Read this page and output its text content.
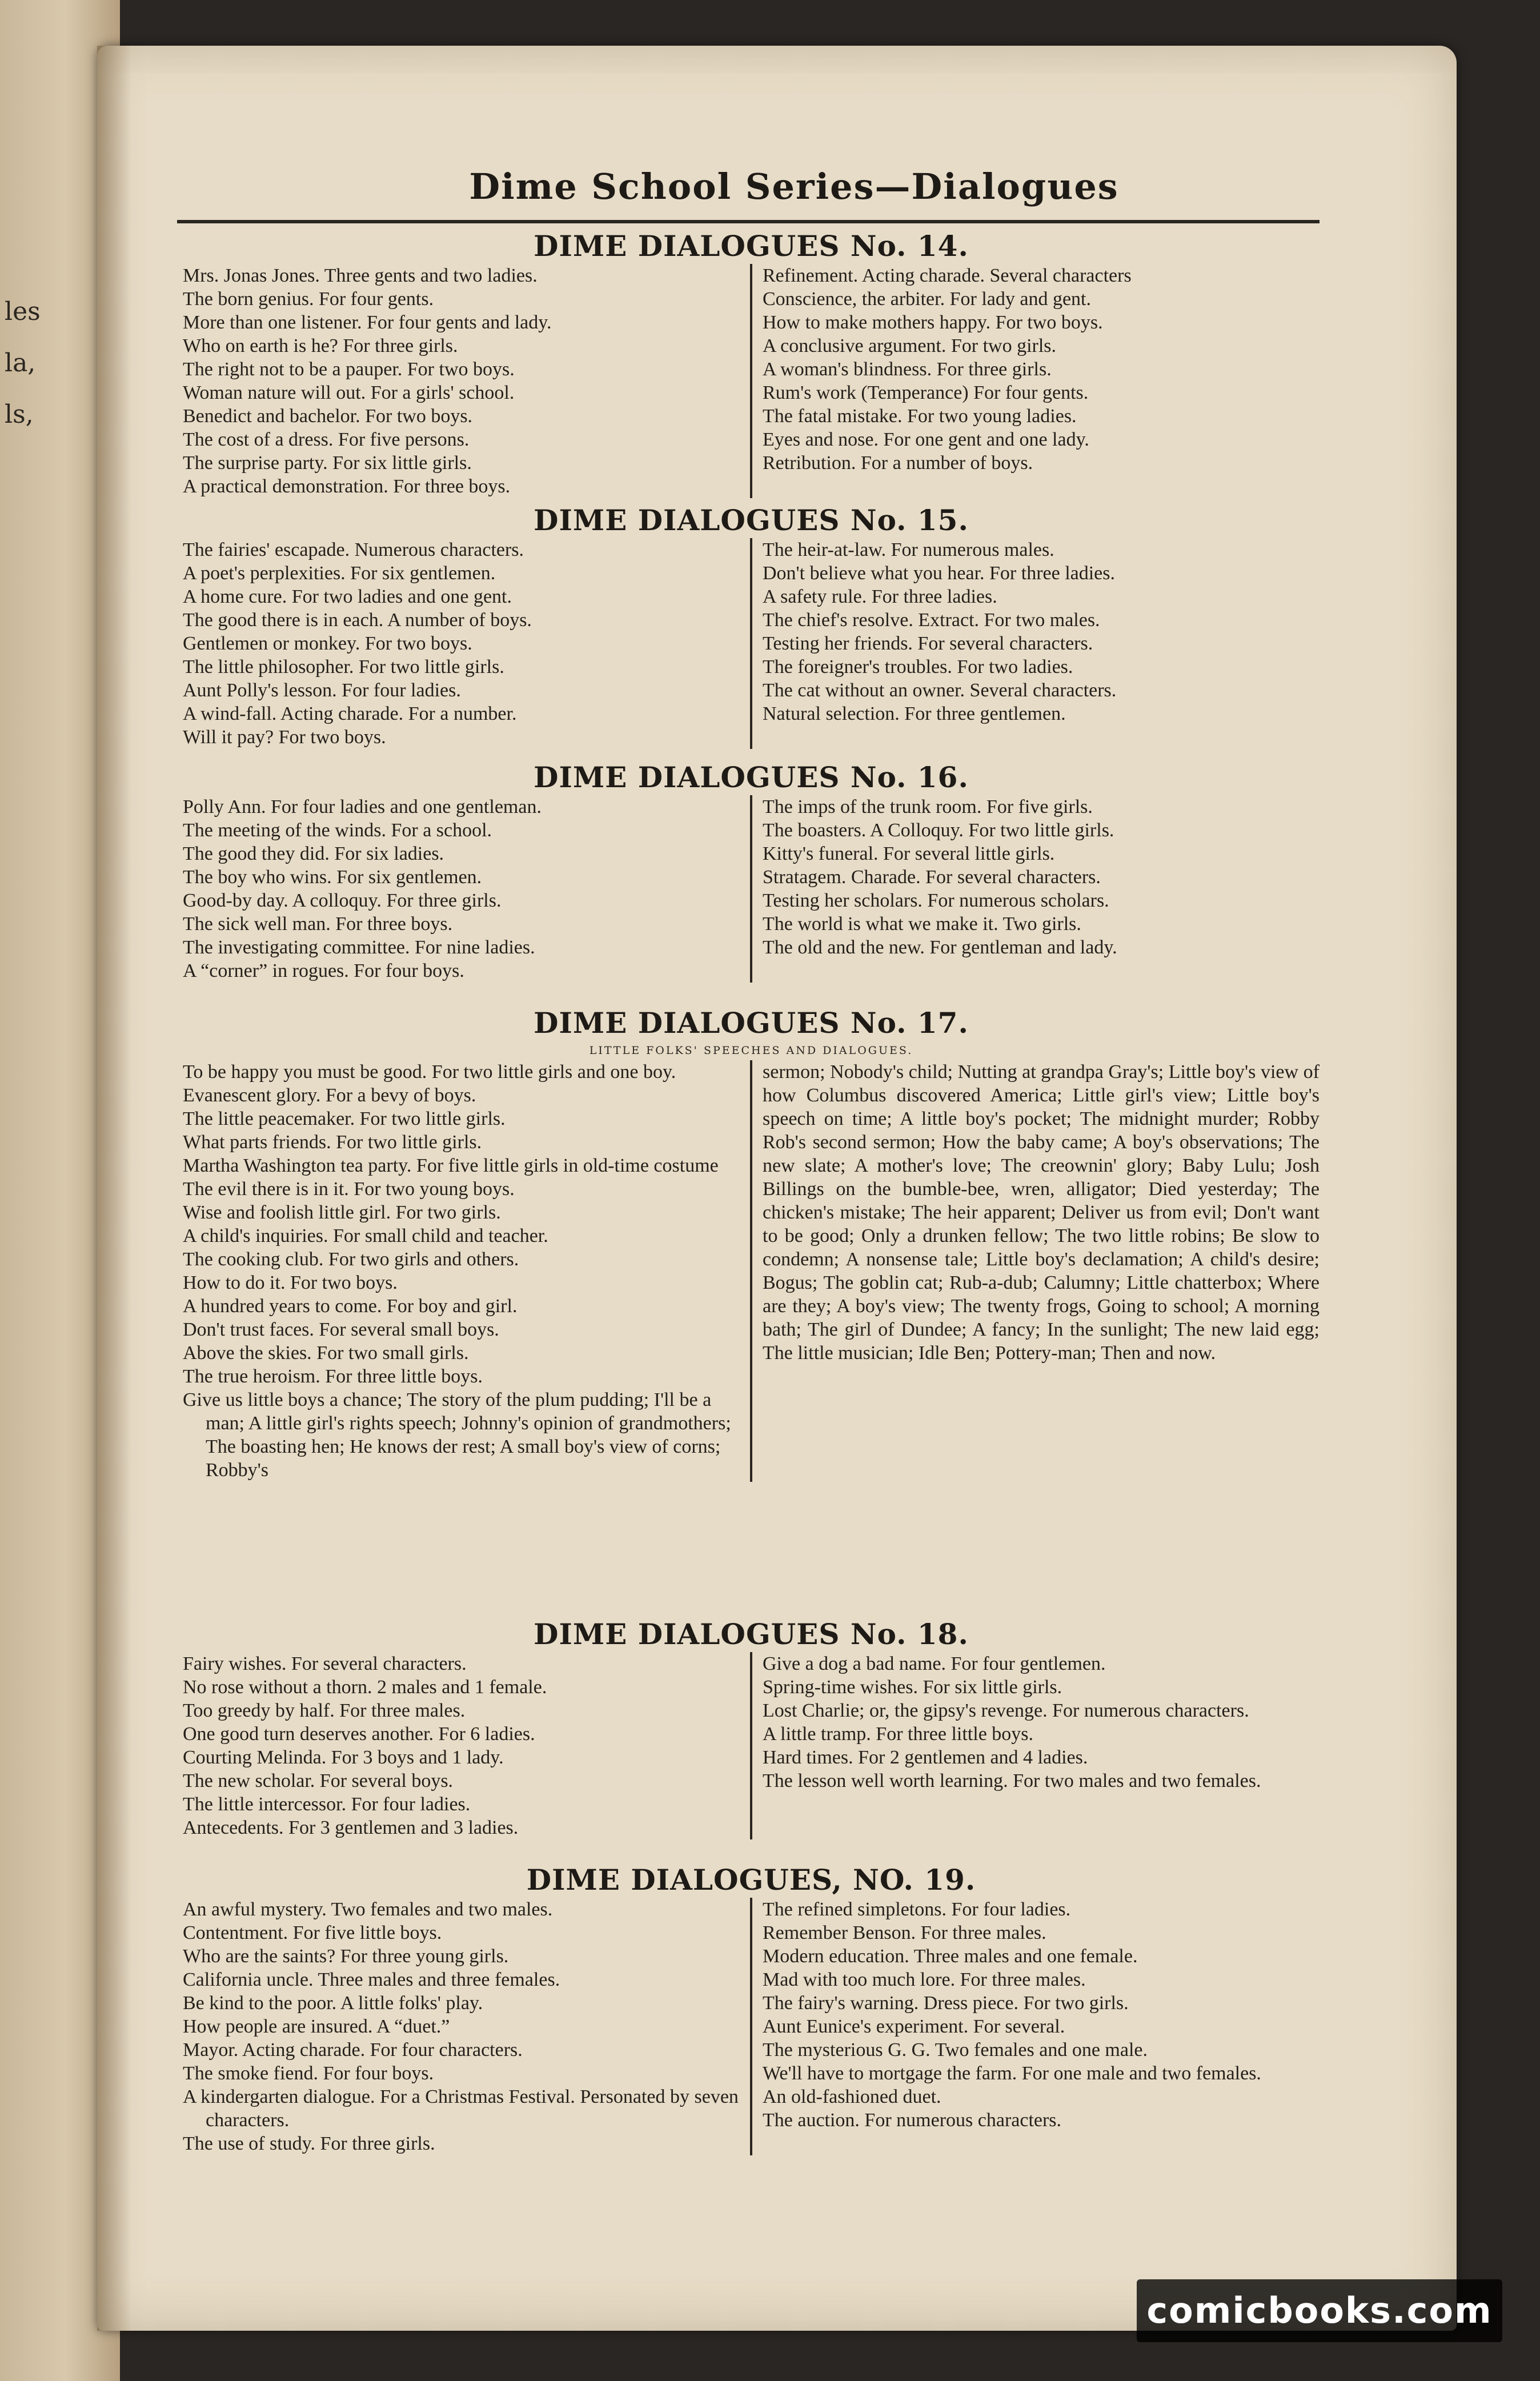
les
la,
ls,
Dime School Series—Dialogues
DIME DIALOGUES No. 14.
Mrs. Jonas Jones. Three gents and two ladies.
The born genius. For four gents.
More than one listener. For four gents and lady.
Who on earth is he? For three girls.
The right not to be a pauper. For two boys.
Woman nature will out. For a girls' school.
Benedict and bachelor. For two boys.
The cost of a dress. For five persons.
The surprise party. For six little girls.
A practical demonstration. For three boys.
Refinement. Acting charade. Several characters
Conscience, the arbiter. For lady and gent.
How to make mothers happy. For two boys.
A conclusive argument. For two girls.
A woman's blindness. For three girls.
Rum's work (Temperance) For four gents.
The fatal mistake. For two young ladies.
Eyes and nose. For one gent and one lady.
Retribution. For a number of boys.
DIME DIALOGUES No. 15.
The fairies' escapade. Numerous characters.
A poet's perplexities. For six gentlemen.
A home cure. For two ladies and one gent.
The good there is in each. A number of boys.
Gentlemen or monkey. For two boys.
The little philosopher. For two little girls.
Aunt Polly's lesson. For four ladies.
A wind-fall. Acting charade. For a number.
Will it pay? For two boys.
The heir-at-law. For numerous males.
Don't believe what you hear. For three ladies.
A safety rule. For three ladies.
The chief's resolve. Extract. For two males.
Testing her friends. For several characters.
The foreigner's troubles. For two ladies.
The cat without an owner. Several characters.
Natural selection. For three gentlemen.
DIME DIALOGUES No. 16.
Polly Ann. For four ladies and one gentleman.
The meeting of the winds. For a school.
The good they did. For six ladies.
The boy who wins. For six gentlemen.
Good-by day. A colloquy. For three girls.
The sick well man. For three boys.
The investigating committee. For nine ladies.
A “corner” in rogues. For four boys.
The imps of the trunk room. For five girls.
The boasters. A Colloquy. For two little girls.
Kitty's funeral. For several little girls.
Stratagem. Charade. For several characters.
Testing her scholars. For numerous scholars.
The world is what we make it. Two girls.
The old and the new. For gentleman and lady.
DIME DIALOGUES No. 17.
LITTLE FOLKS' SPEECHES AND DIALOGUES.
To be happy you must be good. For two little girls and one boy.
Evanescent glory. For a bevy of boys.
The little peacemaker. For two little girls.
What parts friends. For two little girls.
Martha Washington tea party. For five little girls in old-time costume
The evil there is in it. For two young boys.
Wise and foolish little girl. For two girls.
A child's inquiries. For small child and teacher.
The cooking club. For two girls and others.
How to do it. For two boys.
A hundred years to come. For boy and girl.
Don't trust faces. For several small boys.
Above the skies. For two small girls.
The true heroism. For three little boys.
Give us little boys a chance; The story of the plum pudding; I'll be a man; A little girl's rights speech; Johnny's opinion of grandmothers; The boasting hen; He knows der rest; A small boy's view of corns; Robby's

sermon; Nobody's child; Nutting at grandpa Gray's; Little boy's view of how Columbus discovered America; Little girl's view; Little boy's speech on time; A little boy's pocket; The midnight murder; Robby Rob's second sermon; How the baby came; A boy's observations; The new slate; A mother's love; The creownin' glory; Baby Lulu; Josh Billings on the bumble-bee, wren, alligator; Died yesterday; The chicken's mistake; The heir apparent; Deliver us from evil; Don't want to be good; Only a drunken fellow; The two little robins; Be slow to condemn; A nonsense tale; Little boy's declamation; A child's desire; Bogus; The goblin cat; Rub-a-dub; Calumny; Little chatterbox; Where are they; A boy's view; The twenty frogs, Going to school; A morning bath; The girl of Dundee; A fancy; In the sunlight; The new laid egg; The little musician; Idle Ben; Pottery-man; Then and now.

DIME DIALOGUES No. 18.
Fairy wishes. For several characters.
No rose without a thorn. 2 males and 1 female.
Too greedy by half. For three males.
One good turn deserves another. For 6 ladies.
Courting Melinda. For 3 boys and 1 lady.
The new scholar. For several boys.
The little intercessor. For four ladies.
Antecedents. For 3 gentlemen and 3 ladies.
Give a dog a bad name. For four gentlemen.
Spring-time wishes. For six little girls.
Lost Charlie; or, the gipsy's revenge. For numerous characters.
A little tramp. For three little boys.
Hard times. For 2 gentlemen and 4 ladies.
The lesson well worth learning. For two males and two females.
DIME DIALOGUES, NO. 19.
An awful mystery. Two females and two males.
Contentment. For five little boys.
Who are the saints? For three young girls.
California uncle. Three males and three females.
Be kind to the poor. A little folks' play.
How people are insured. A “duet.”
Mayor. Acting charade. For four characters.
The smoke fiend. For four boys.
A kindergarten dialogue. For a Christmas Festival. Personated by seven characters.
The use of study. For three girls.
The refined simpletons. For four ladies.
Remember Benson. For three males.
Modern education. Three males and one female.
Mad with too much lore. For three males.
The fairy's warning. Dress piece. For two girls.
Aunt Eunice's experiment. For several.
The mysterious G. G. Two females and one male.
We'll have to mortgage the farm. For one male and two females.
An old-fashioned duet.
The auction. For numerous characters.
comicbooks.com
